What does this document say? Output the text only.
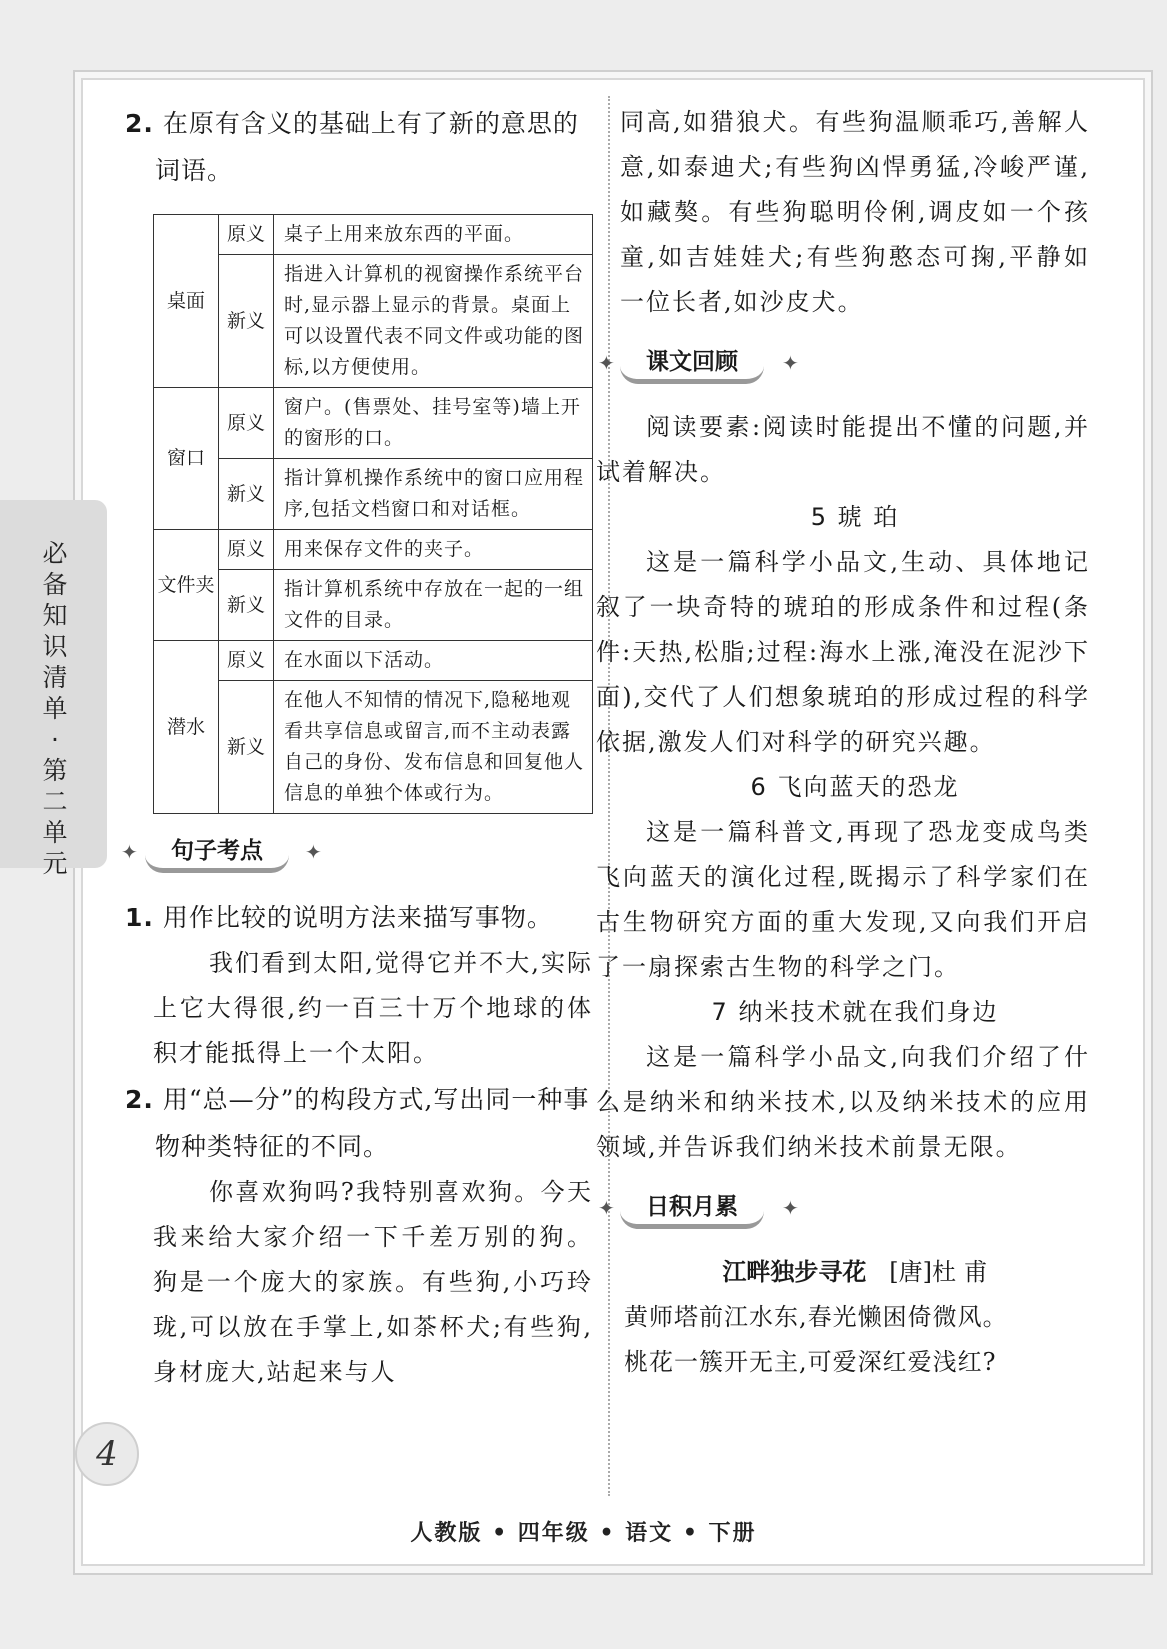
必备知识清单·第二单元

2. 在原有含义的基础上有了新的意思的词语。

桌面	原义	桌子上用来放东西的平面。
	新义	指进入计算机的视窗操作系统平台时,显示器上显示的背景。桌面上可以设置代表不同文件或功能的图标,以方便使用。
窗口	原义	窗户。(售票处、挂号室等)墙上开的窗形的口。
	新义	指计算机操作系统中的窗口应用程序,包括文档窗口和对话框。
文件夹	原义	用来保存文件的夹子。
	新义	指计算机系统中存放在一起的一组文件的目录。
潜水	原义	在水面以下活动。
	新义	在他人不知情的情况下,隐秘地观看共享信息或留言,而不主动表露自己的身份、发布信息和回复他人信息的单独个体或行为。
✦	句子考点	✦

1. 用作比较的说明方法来描写事物。

我们看到太阳,觉得它并不大,实际上它大得很,约一百三十万个地球的体积才能抵得上一个太阳。

2. 用“总—分”的构段方式,写出同一种事物种类特征的不同。

你喜欢狗吗?我特别喜欢狗。今天我来给大家介绍一下千差万别的狗。狗是一个庞大的家族。有些狗,小巧玲珑,可以放在手掌上,如茶杯犬;有些狗,身材庞大,站起来与人

同高,如猎狼犬。有些狗温顺乖巧,善解人意,如泰迪犬;有些狗凶悍勇猛,冷峻严谨,如藏獒。有些狗聪明伶俐,调皮如一个孩童,如吉娃娃犬;有些狗憨态可掬,平静如一位长者,如沙皮犬。

✦	课文回顾	✦

阅读要素:阅读时能提出不懂的问题,并试着解决。

5 琥 珀

这是一篇科学小品文,生动、具体地记叙了一块奇特的琥珀的形成条件和过程(条件:天热,松脂;过程:海水上涨,淹没在泥沙下面),交代了人们想象琥珀的形成过程的科学依据,激发人们对科学的研究兴趣。

6 飞向蓝天的恐龙

这是一篇科普文,再现了恐龙变成鸟类飞向蓝天的演化过程,既揭示了科学家们在古生物研究方面的重大发现,又向我们开启了一扇探索古生物的科学之门。

7 纳米技术就在我们身边

这是一篇科学小品文,向我们介绍了什么是纳米和纳米技术,以及纳米技术的应用领域,并告诉我们纳米技术前景无限。

✦	日积月累	✦

江畔独步寻花 [唐]杜 甫

黄师塔前江水东,春光懒困倚微风。

桃花一簇开无主,可爱深红爱浅红?

4
人教版 • 四年级 • 语文 • 下册
